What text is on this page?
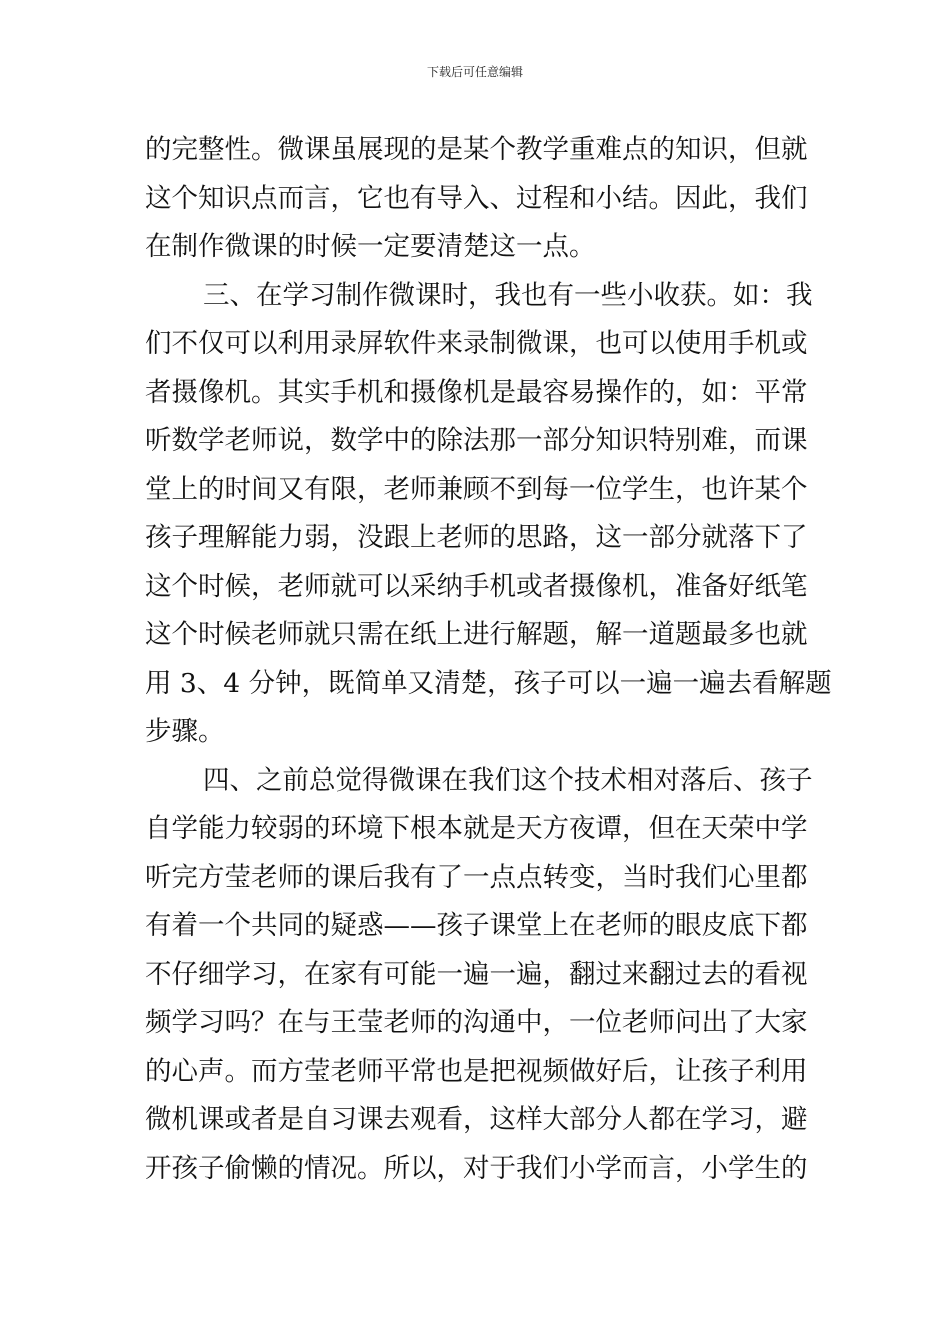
下载后可任意编辑
的完整性。微课虽展现的是某个教学重难点的知识，但就
这个知识点而言，它也有导入、过程和小结。因此，我们
在制作微课的时候一定要清楚这一点。
三、在学习制作微课时，我也有一些小收获。如：我
们不仅可以利用录屏软件来录制微课，也可以使用手机或
者摄像机。其实手机和摄像机是最容易操作的，如：平常
听数学老师说，数学中的除法那一部分知识特别难，而课
堂上的时间又有限，老师兼顾不到每一位学生，也许某个
孩子理解能力弱，没跟上老师的思路，这一部分就落下了
这个时候，老师就可以采纳手机或者摄像机，准备好纸笔
这个时候老师就只需在纸上进行解题，解一道题最多也就
用 3、4 分钟，既简单又清楚，孩子可以一遍一遍去看解题
步骤。
四、之前总觉得微课在我们这个技术相对落后、孩子
自学能力较弱的环境下根本就是天方夜谭，但在天荣中学
听完方莹老师的课后我有了一点点转变，当时我们心里都
有着一个共同的疑惑——孩子课堂上在老师的眼皮底下都
不仔细学习，在家有可能一遍一遍，翻过来翻过去的看视
频学习吗？在与王莹老师的沟通中，一位老师问出了大家
的心声。而方莹老师平常也是把视频做好后，让孩子利用
微机课或者是自习课去观看，这样大部分人都在学习，避
开孩子偷懒的情况。所以，对于我们小学而言，小学生的
